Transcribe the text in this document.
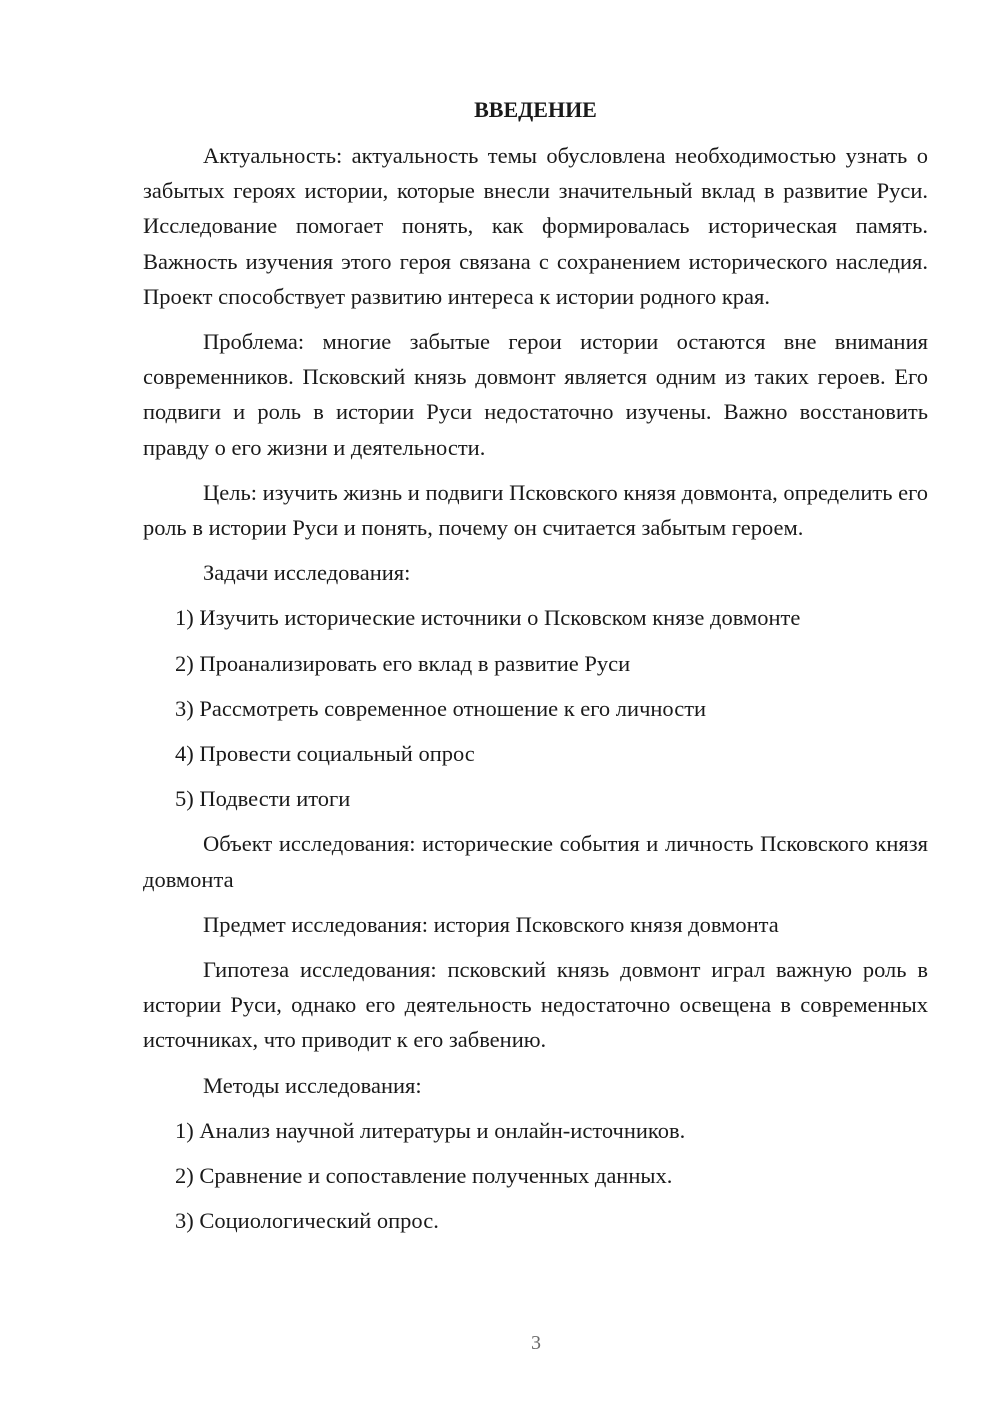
ВВЕДЕНИЕ
Актуальность: актуальность темы обусловлена необходимостью узнать о забытых героях истории, которые внесли значительный вклад в развитие Руси. Исследование помогает понять, как формировалась историческая память. Важность изучения этого героя связана с сохранением исторического наследия. Проект способствует развитию интереса к истории родного края.
Проблема: многие забытые герои истории остаются вне внимания современников. Псковский князь довмонт является одним из таких героев. Его подвиги и роль в истории Руси недостаточно изучены. Важно восстановить правду о его жизни и деятельности.
Цель: изучить жизнь и подвиги Псковского князя довмонта, определить его роль в истории Руси и понять, почему он считается забытым героем.
Задачи исследования:
1) Изучить исторические источники о Псковском князе довмонте
2) Проанализировать его вклад в развитие Руси
3) Рассмотреть современное отношение к его личности
4) Провести социальный опрос
5) Подвести итоги
Объект исследования: исторические события и личность Псковского князя довмонта
Предмет исследования: история Псковского князя довмонта
Гипотеза исследования: псковский князь довмонт играл важную роль в истории Руси, однако его деятельность недостаточно освещена в современных источниках, что приводит к его забвению.
Методы исследования:
1) Анализ научной литературы и онлайн-источников.
2) Сравнение и сопоставление полученных данных.
3) Социологический опрос.
3
